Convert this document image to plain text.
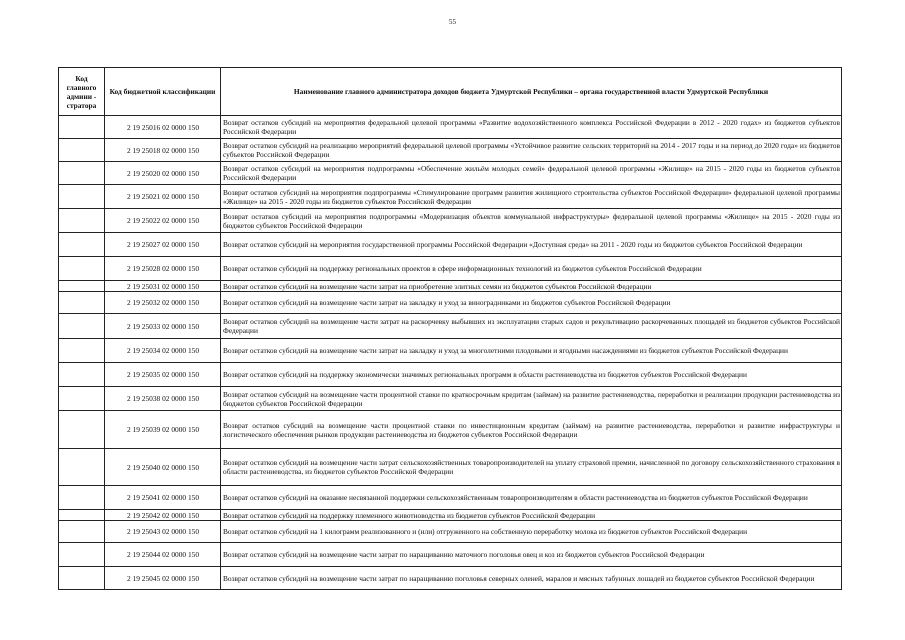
55
Код главного админи - стратора	Код бюджетной классификации	Наименование главного администратора доходов бюджета Удмуртской Республики – органа государственной власти Удмуртской Республики
	2 19 25016 02 0000 150	Возврат остатков субсидий на мероприятия федеральной целевой программы «Развитие водохозяйственного комплекса Российской Федерации в 2012 - 2020 годах» из бюджетов субъектов Российской Федерации
	2 19 25018 02 0000 150	Возврат остатков субсидий на реализацию мероприятий федеральной целевой программы «Устойчивое развитие сельских территорий на 2014 - 2017 годы и на период до 2020 года» из бюджетов субъектов Российской Федерации
	2 19 25020 02 0000 150	Возврат остатков субсидий на мероприятия подпрограммы «Обеспечение жильём молодых семей» федеральной целевой программы «Жилище» на 2015 - 2020 годы из бюджетов субъектов Российской Федерации
	2 19 25021 02 0000 150	Возврат остатков субсидий на мероприятия подпрограммы «Стимулирование программ развития жилищного строительства субъектов Российской Федерации» федеральной целевой программы «Жилище» на 2015 - 2020 годы из бюджетов субъектов Российской Федерации
	2 19 25022 02 0000 150	Возврат остатков субсидий на мероприятия подпрограммы «Модернизация объектов коммунальной инфраструктуры» федеральной целевой программы «Жилище» на 2015 - 2020 годы из бюджетов субъектов Российской Федерации
	2 19 25027 02 0000 150	Возврат остатков субсидий на мероприятия государственной программы Российской Федерации «Доступная среда» на 2011 - 2020 годы из бюджетов субъектов Российской Федерации
	2 19 25028 02 0000 150	Возврат остатков субсидий на поддержку региональных проектов в сфере информационных технологий из бюджетов субъектов Российской Федерации
	2 19 25031 02 0000 150	Возврат остатков субсидий на возмещение части затрат на приобретение элитных семян из бюджетов субъектов Российской Федерации
	2 19 25032 02 0000 150	Возврат остатков субсидий на возмещение части затрат на закладку и уход за виноградниками из бюджетов субъектов Российской Федерации
	2 19 25033 02 0000 150	Возврат остатков субсидий на возмещение части затрат на раскорчевку выбывших из эксплуатации старых садов и рекультивацию раскорчеванных площадей из бюджетов субъектов Российской Федерации
	2 19 25034 02 0000 150	Возврат остатков субсидий на возмещение части затрат на закладку и уход за многолетними плодовыми и ягодными насаждениями из бюджетов субъектов Российской Федерации
	2 19 25035 02 0000 150	Возврат остатков субсидий на поддержку экономически значимых региональных программ в области растениеводства из бюджетов субъектов Российской Федерации
	2 19 25038 02 0000 150	Возврат остатков субсидий на возмещение части процентной ставки по краткосрочным кредитам (займам) на развитие растениеводства, переработки и реализации продукции растениеводства из бюджетов субъектов Российской Федерации
	2 19 25039 02 0000 150	Возврат остатков субсидий на возмещение части процентной ставки по инвестиционным кредитам (займам) на развитие растениеводства, переработки и развитие инфраструктуры и логистического обеспечения рынков продукции растениеводства из бюджетов субъектов Российской Федерации
	2 19 25040 02 0000 150	Возврат остатков субсидий на возмещение части затрат сельскохозяйственных товаропроизводителей на уплату страховой премии, начисленной по договору сельскохозяйственного страхования в области растениеводства, из бюджетов субъектов Российской Федерации
	2 19 25041 02 0000 150	Возврат остатков субсидий на оказание несвязанной поддержки сельскохозяйственным товаропроизводителям в области растениеводства из бюджетов субъектов Российской Федерации
	2 19 25042 02 0000 150	Возврат остатков субсидий на поддержку племенного животноводства из бюджетов субъектов Российской Федерации
	2 19 25043 02 0000 150	Возврат остатков субсидий на 1 килограмм реализованного и (или) отгруженного на собственную переработку молока из бюджетов субъектов Российской Федерации
	2 19 25044 02 0000 150	Возврат остатков субсидий на возмещение части затрат по наращиванию маточного поголовья овец и коз из бюджетов субъектов Российской Федерации
	2 19 25045 02 0000 150	Возврат остатков субсидий на возмещение части затрат по наращиванию поголовья северных оленей, маралов и мясных табунных лошадей из бюджетов субъектов Российской Федерации
